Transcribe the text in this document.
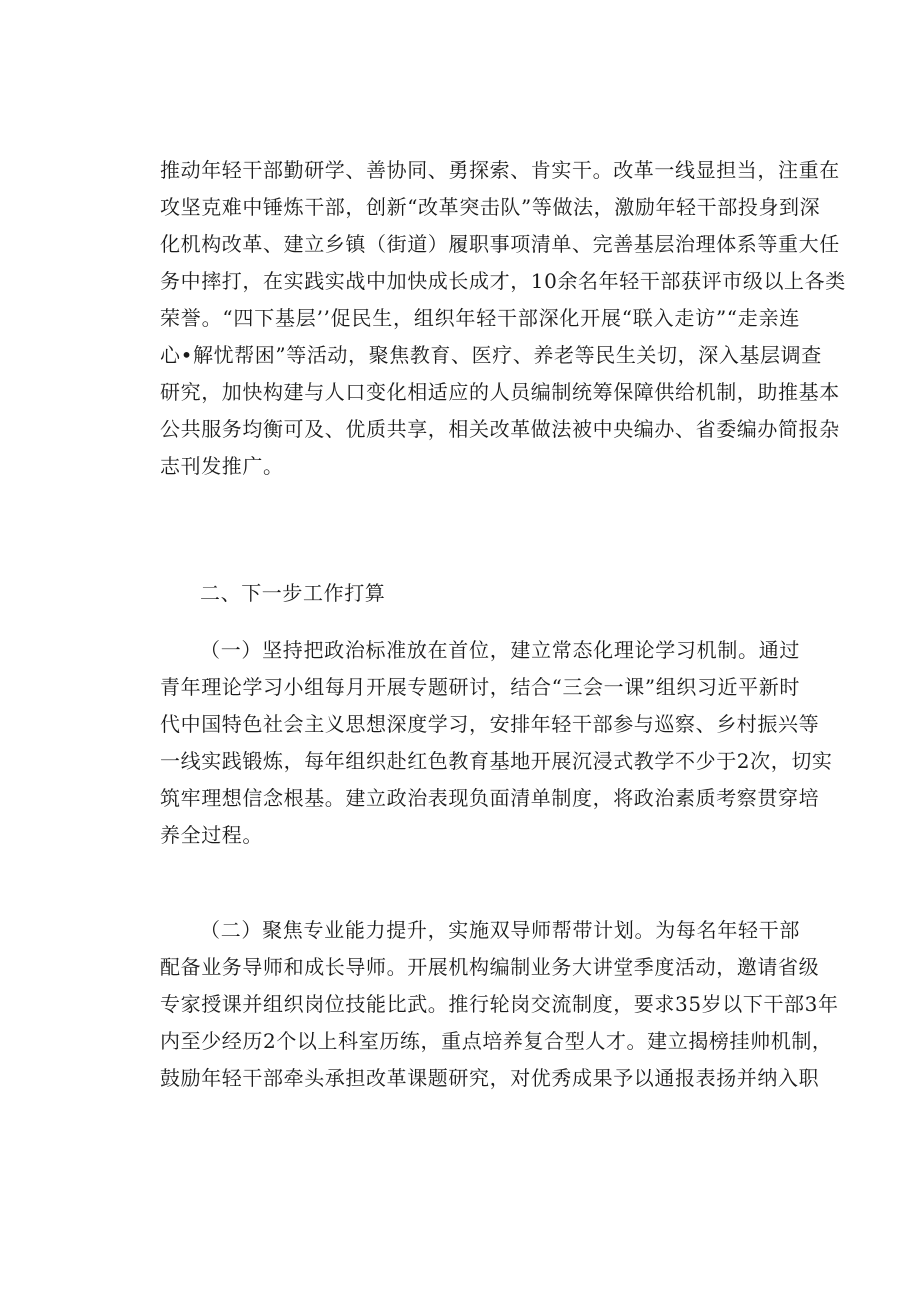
推动年轻干部勤研学、善协同、勇探索、肯实干。改革一线显担当，注重在
攻坚克难中锤炼干部，创新“改革突击队”等做法，激励年轻干部投身到深
化机构改革、建立乡镇（街道）履职事项清单、完善基层治理体系等重大任
务中摔打，在实践实战中加快成长成才，10余名年轻干部获评市级以上各类
荣誉。“四下基层’’促民生，组织年轻干部深化开展“联入走访”“走亲连
心•解忧帮困”等活动，聚焦教育、医疗、养老等民生关切，深入基层调查
研究，加快构建与人口变化相适应的人员编制统筹保障供给机制，助推基本
公共服务均衡可及、优质共享，相关改革做法被中央编办、省委编办简报杂
志刊发推广。
二、下一步工作打算
（一）坚持把政治标准放在首位，建立常态化理论学习机制。通过
青年理论学习小组每月开展专题研讨，结合“三会一课”组织习近平新时
代中国特色社会主义思想深度学习，安排年轻干部参与巡察、乡村振兴等
一线实践锻炼，每年组织赴红色教育基地开展沉浸式教学不少于2次，切实
筑牢理想信念根基。建立政治表现负面清单制度，将政治素质考察贯穿培
养全过程。
（二）聚焦专业能力提升，实施双导师帮带计划。为每名年轻干部
配备业务导师和成长导师。开展机构编制业务大讲堂季度活动，邀请省级
专家授课并组织岗位技能比武。推行轮岗交流制度，要求35岁以下干部3年
内至少经历2个以上科室历练，重点培养复合型人才。建立揭榜挂帅机制，
鼓励年轻干部牵头承担改革课题研究，对优秀成果予以通报表扬并纳入职
